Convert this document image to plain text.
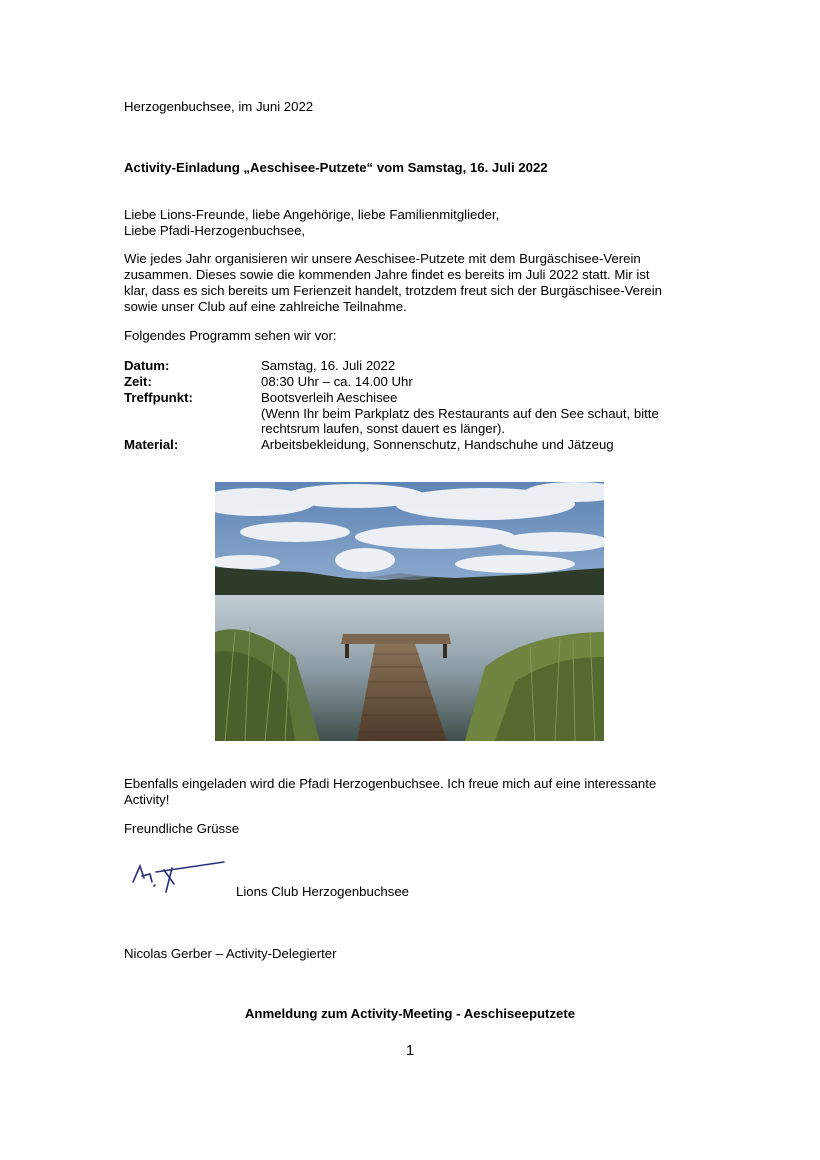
Herzogenbuchsee, im Juni 2022
Activity-Einladung „Aeschisee-Putzete“ vom Samstag, 16. Juli 2022
Liebe Lions-Freunde, liebe Angehörige, liebe Familienmitglieder,
Liebe Pfadi-Herzogenbuchsee,
Wie jedes Jahr organisieren wir unsere Aeschisee-Putzete mit dem Burgäschisee-Verein
zusammen. Dieses sowie die kommenden Jahre findet es bereits im Juli 2022 statt. Mir ist
klar, dass es sich bereits um Ferienzeit handelt, trotzdem freut sich der Burgäschisee-Verein
sowie unser Club auf eine zahlreiche Teilnahme.
Folgendes Programm sehen wir vor:
Datum:	Samstag, 16. Juli 2022
Zeit:	08:30 Uhr – ca. 14.00 Uhr
Treffpunkt:	Bootsverleih Aeschisee
(Wenn Ihr beim Parkplatz des Restaurants auf den See schaut, bitte
rechtsrum laufen, sonst dauert es länger).
Material:	Arbeitsbekleidung, Sonnenschutz, Handschuhe und Jätzeug
Ebenfalls eingeladen wird die Pfadi Herzogenbuchsee. Ich freue mich auf eine interessante
Activity!
Freundliche Grüsse
Lions Club Herzogenbuchsee
Nicolas Gerber – Activity-Delegierter
Anmeldung zum Activity-Meeting - Aeschiseeputzete
1
